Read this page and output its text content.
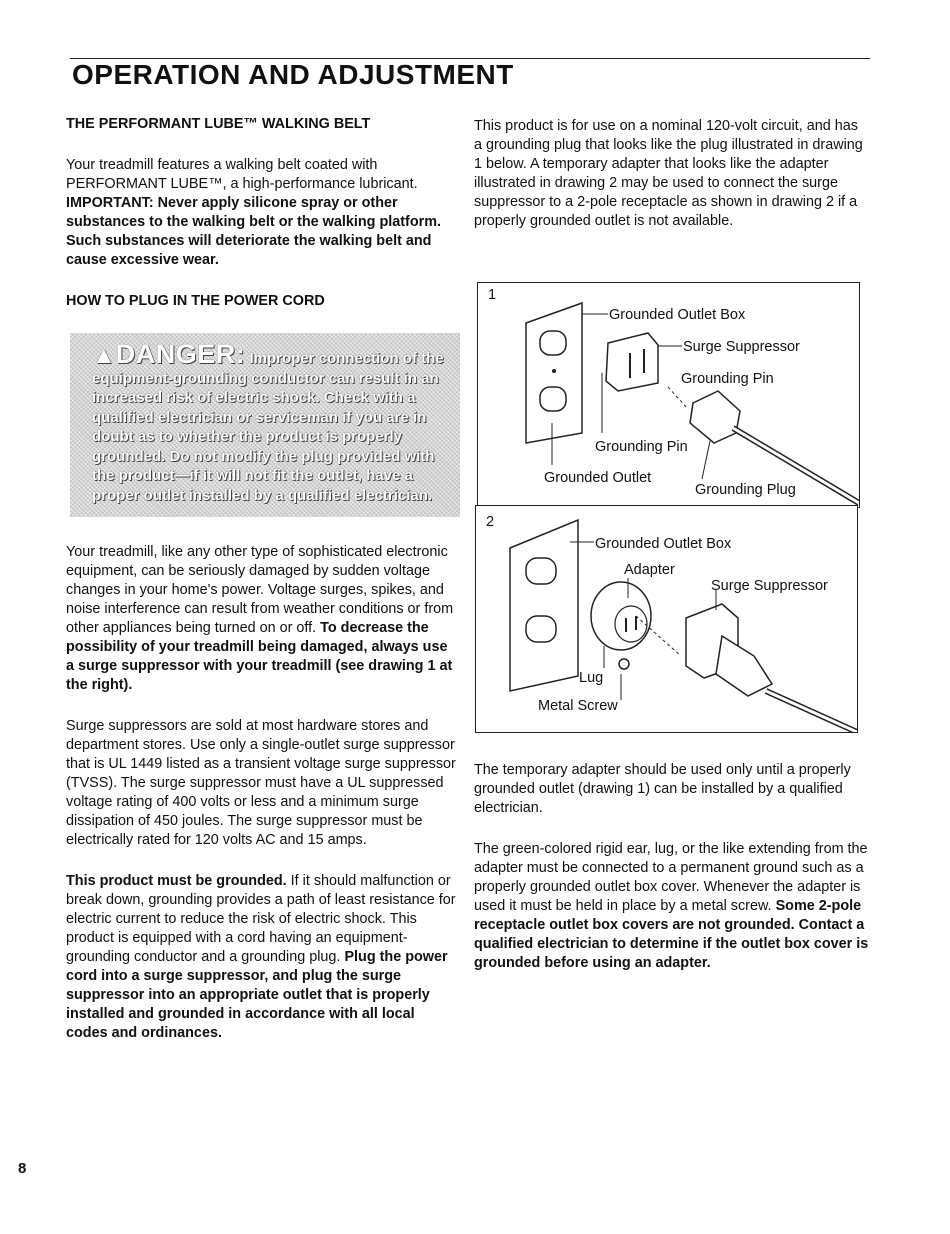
OPERATION AND ADJUSTMENT
THE PERFORMANT LUBE™ WALKING BELT

Your treadmill features a walking belt coated with PERFORMANT LUBE™, a high-performance lubricant. IMPORTANT: Never apply silicone spray or other substances to the walking belt or the walking platform. Such substances will deteriorate the walking belt and cause excessive wear.

HOW TO PLUG IN THE POWER CORD
▲DANGER: Improper connection of the equipment-grounding conductor can result in an increased risk of electric shock. Check with a qualified electrician or serviceman if you are in doubt as to whether the product is properly grounded. Do not modify the plug provided with the product—if it will not fit the outlet, have a proper outlet installed by a qualified electrician.

Your treadmill, like any other type of sophisticated electronic equipment, can be seriously damaged by sudden voltage changes in your home's power. Voltage surges, spikes, and noise interference can result from weather conditions or from other appliances being turned on or off. To decrease the possibility of your treadmill being damaged, always use a surge suppressor with your treadmill (see drawing 1 at the right).

Surge suppressors are sold at most hardware stores and department stores. Use only a single-outlet surge suppressor that is UL 1449 listed as a transient voltage surge suppressor (TVSS). The surge suppressor must have a UL suppressed voltage rating of 400 volts or less and a minimum surge dissipation of 450 joules. The surge suppressor must be electrically rated for 120 volts AC and 15 amps.

This product must be grounded. If it should malfunction or break down, grounding provides a path of least resistance for electric current to reduce the risk of electric shock. This product is equipped with a cord having an equipment-grounding conductor and a grounding plug. Plug the power cord into a surge suppressor, and plug the surge suppressor into an appropriate outlet that is properly installed and grounded in accordance with all local codes and ordinances.

This product is for use on a nominal 120-volt circuit, and has a grounding plug that looks like the plug illustrated in drawing 1 below. A temporary adapter that looks like the adapter illustrated in drawing 2 may be used to connect the surge suppressor to a 2-pole receptacle as shown in drawing 2 if a properly grounded outlet is not available.

1
Grounded Outlet Box
Surge Suppressor
Grounding Pin
Grounding Pin
Grounded Outlet
Grounding Plug
2
Grounded Outlet Box
Adapter
Surge Suppressor
Lug
Metal Screw

The temporary adapter should be used only until a properly grounded outlet (drawing 1) can be installed by a qualified electrician.

The green-colored rigid ear, lug, or the like extending from the adapter must be connected to a permanent ground such as a properly grounded outlet box cover. Whenever the adapter is used it must be held in place by a metal screw. Some 2-pole receptacle outlet box covers are not grounded. Contact a qualified electrician to determine if the outlet box cover is grounded before using an adapter.

8
